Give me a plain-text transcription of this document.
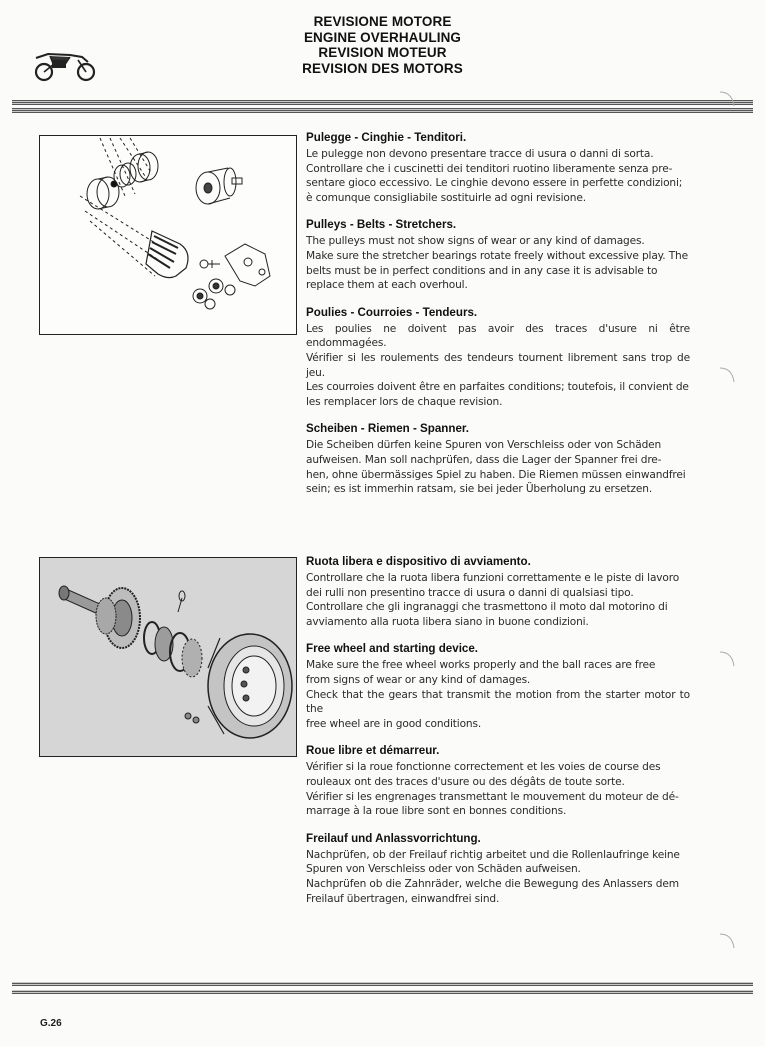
REVISIONE MOTORE
ENGINE OVERHAULING
REVISION MOTEUR
REVISION DES MOTORS
Pulegge - Cinghie - Tenditori.

Le pulegge non devono presentare tracce di usura o danni di sorta.
Controllare che i cuscinetti dei tenditori ruotino liberamente senza pre-
sentare gioco eccessivo. Le cinghie devono essere in perfette condizioni;
è comunque consigliabile sostituirle ad ogni revisione.

Pulleys - Belts - Stretchers.

The pulleys must not show signs of wear or any kind of damages.
Make sure the stretcher bearings rotate freely without excessive play. The
belts must be in perfect conditions and in any case it is advisable to
replace them at each overhoul.

Poulies - Courroies - Tendeurs.

Les poulies ne doivent pas avoir des traces d'usure ni être endommagées.
Vérifier si les roulements des tendeurs tournent librement sans trop de jeu.
Les courroies doivent être en parfaites conditions; toutefois, il convient de
les remplacer lors de chaque revision.

Scheiben - Riemen - Spanner.

Die Scheiben dürfen keine Spuren von Verschleiss oder von Schäden
aufweisen. Man soll nachprüfen, dass die Lager der Spanner frei dre-
hen, ohne übermässiges Spiel zu haben. Die Riemen müssen einwandfrei
sein; es ist immerhin ratsam, sie bei jeder Überholung zu ersetzen.

Ruota libera e dispositivo di avviamento.

Controllare che la ruota libera funzioni correttamente e le piste di lavoro
dei rulli non presentino tracce di usura o danni di qualsiasi tipo.
Controllare che gli ingranaggi che trasmettono il moto dal motorino di
avviamento alla ruota libera siano in buone condizioni.

Free wheel and starting device.

Make sure the free wheel works properly and the ball races are free
from signs of wear or any kind of damages.
Check that the gears that transmit the motion from the starter motor to the
free wheel are in good conditions.

Roue libre et démarreur.

Vérifier si la roue fonctionne correctement et les voies de course des
rouleaux ont des traces d'usure ou des dégâts de toute sorte.
Vérifier si les engrenages transmettant le mouvement du moteur de dé-
marrage à la roue libre sont en bonnes conditions.

Freilauf und Anlassvorrichtung.

Nachprüfen, ob der Freilauf richtig arbeitet und die Rollenlaufringe keine
Spuren von Verschleiss oder von Schäden aufweisen.
Nachprüfen ob die Zahnräder, welche die Bewegung des Anlassers dem
Freilauf übertragen, einwandfrei sind.

G.26
